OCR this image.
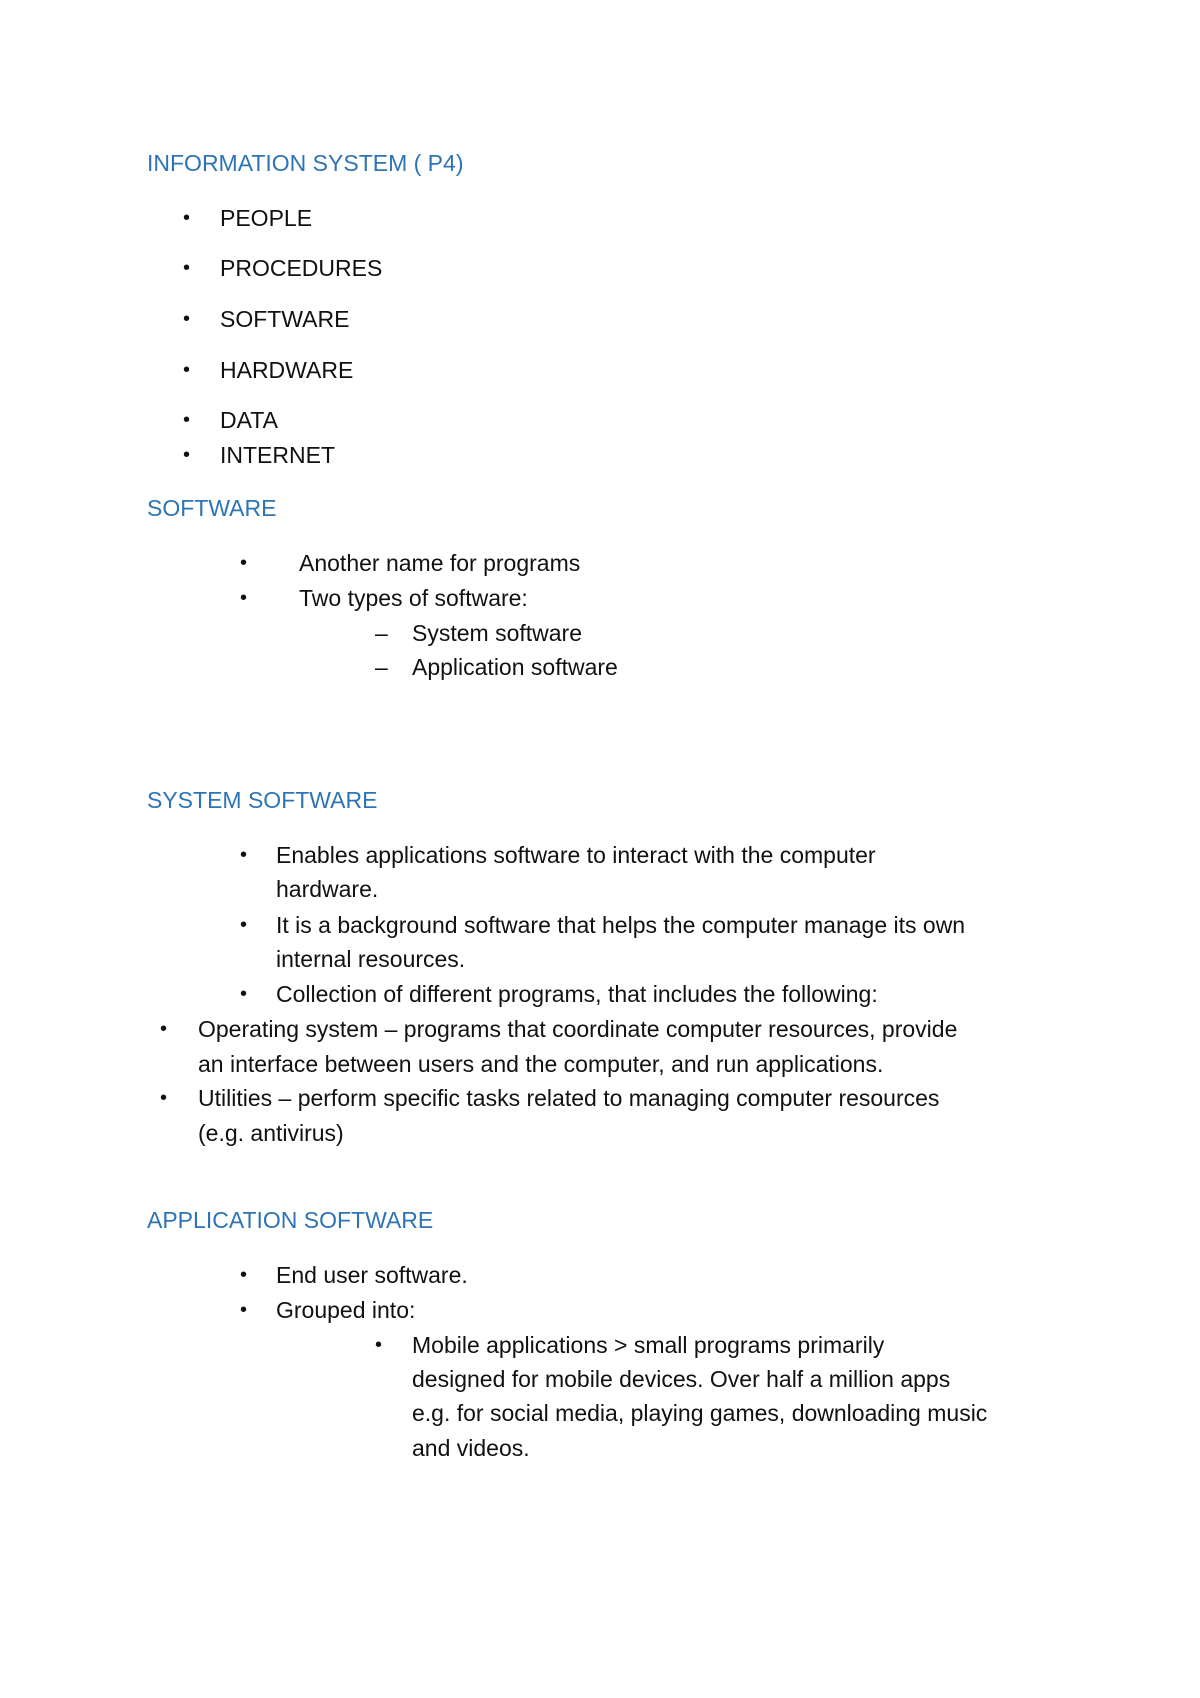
INFORMATION SYSTEM ( P4)

• PEOPLE

• PROCEDURES

• SOFTWARE

• HARDWARE

• DATA

• INTERNET

SOFTWARE

• Another name for programs

• Two types of software:

– System software

– Application software

SYSTEM SOFTWARE

• Enables applications software to interact with the computer

hardware.

• It is a background software that helps the computer manage its own

internal resources.

• Collection of different programs, that includes the following:

• Operating system – programs that coordinate computer resources, provide

an interface between users and the computer, and run applications.

• Utilities – perform specific tasks related to managing computer resources

(e.g. antivirus)

APPLICATION SOFTWARE

• End user software.

• Grouped into:

• Mobile applications > small programs primarily

designed for mobile devices. Over half a million apps

e.g. for social media, playing games, downloading music

and videos.
